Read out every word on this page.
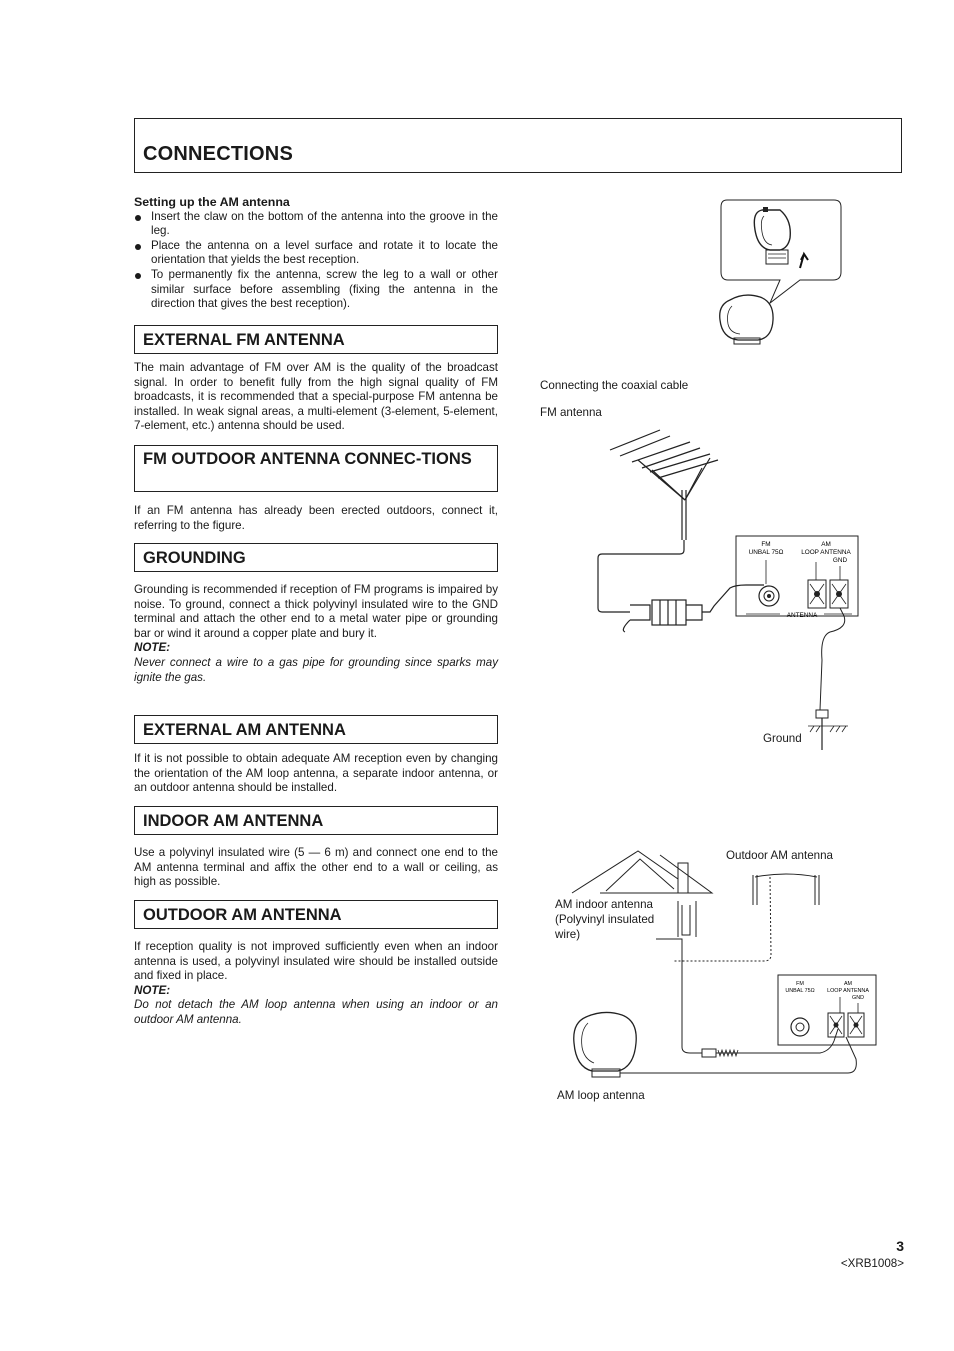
CONNECTIONS
Setting up the AM antenna
Insert the claw on the bottom of the antenna into the groove in the leg.
Place the antenna on a level surface and rotate it to locate the orientation that yields the best reception.
To permanently fix the antenna, screw the leg to a wall or other similar surface before assembling (fixing the antenna in the direction that gives the best reception).
EXTERNAL FM ANTENNA

The main advantage of FM over AM is the quality of the broadcast signal. In order to benefit fully from the high signal quality of FM broadcasts, it is recommended that a special-purpose FM antenna be installed. In weak signal areas, a multi-element (3-element, 5-element, 7-element, etc.) antenna should be used.

FM OUTDOOR ANTENNA CONNEC-TIONS

If an FM antenna has already been erected outdoors, connect it, referring to the figure.

GROUNDING

Grounding is recommended if reception of FM programs is impaired by noise. To ground, connect a thick polyvinyl insulated wire to the GND terminal and attach the other end to a metal water pipe or grounding bar or wind it around a copper plate and bury it.

NOTE:
Never connect a wire to a gas pipe for grounding since sparks may ignite the gas.
EXTERNAL AM ANTENNA

If it is not possible to obtain adequate AM reception even by changing the orientation of the AM loop antenna, a separate indoor antenna, or an outdoor antenna should be installed.

INDOOR AM ANTENNA

Use a polyvinyl insulated wire (5 — 6 m) and connect one end to the AM antenna terminal and affix the other end to a wall or ceiling, as high as possible.

OUTDOOR AM ANTENNA

If reception quality is not improved sufficiently even when an indoor antenna is used, a polyvinyl insulated wire should be installed outside and fixed in place.

NOTE:
Do not detach the AM loop antenna when using an indoor or an outdoor AM antenna.
Connecting the coaxial cable
FM antenna
FM
UNBAL 75Ω
AM
LOOP ANTENNA
GND
ANTENNA
Ground
Outdoor AM antenna
FM
UNBAL 75Ω
AM
LOOP ANTENNA
GND
AM indoor antenna
(Polyvinyl insulated
wire)
AM loop antenna
3
<XRB1008>
